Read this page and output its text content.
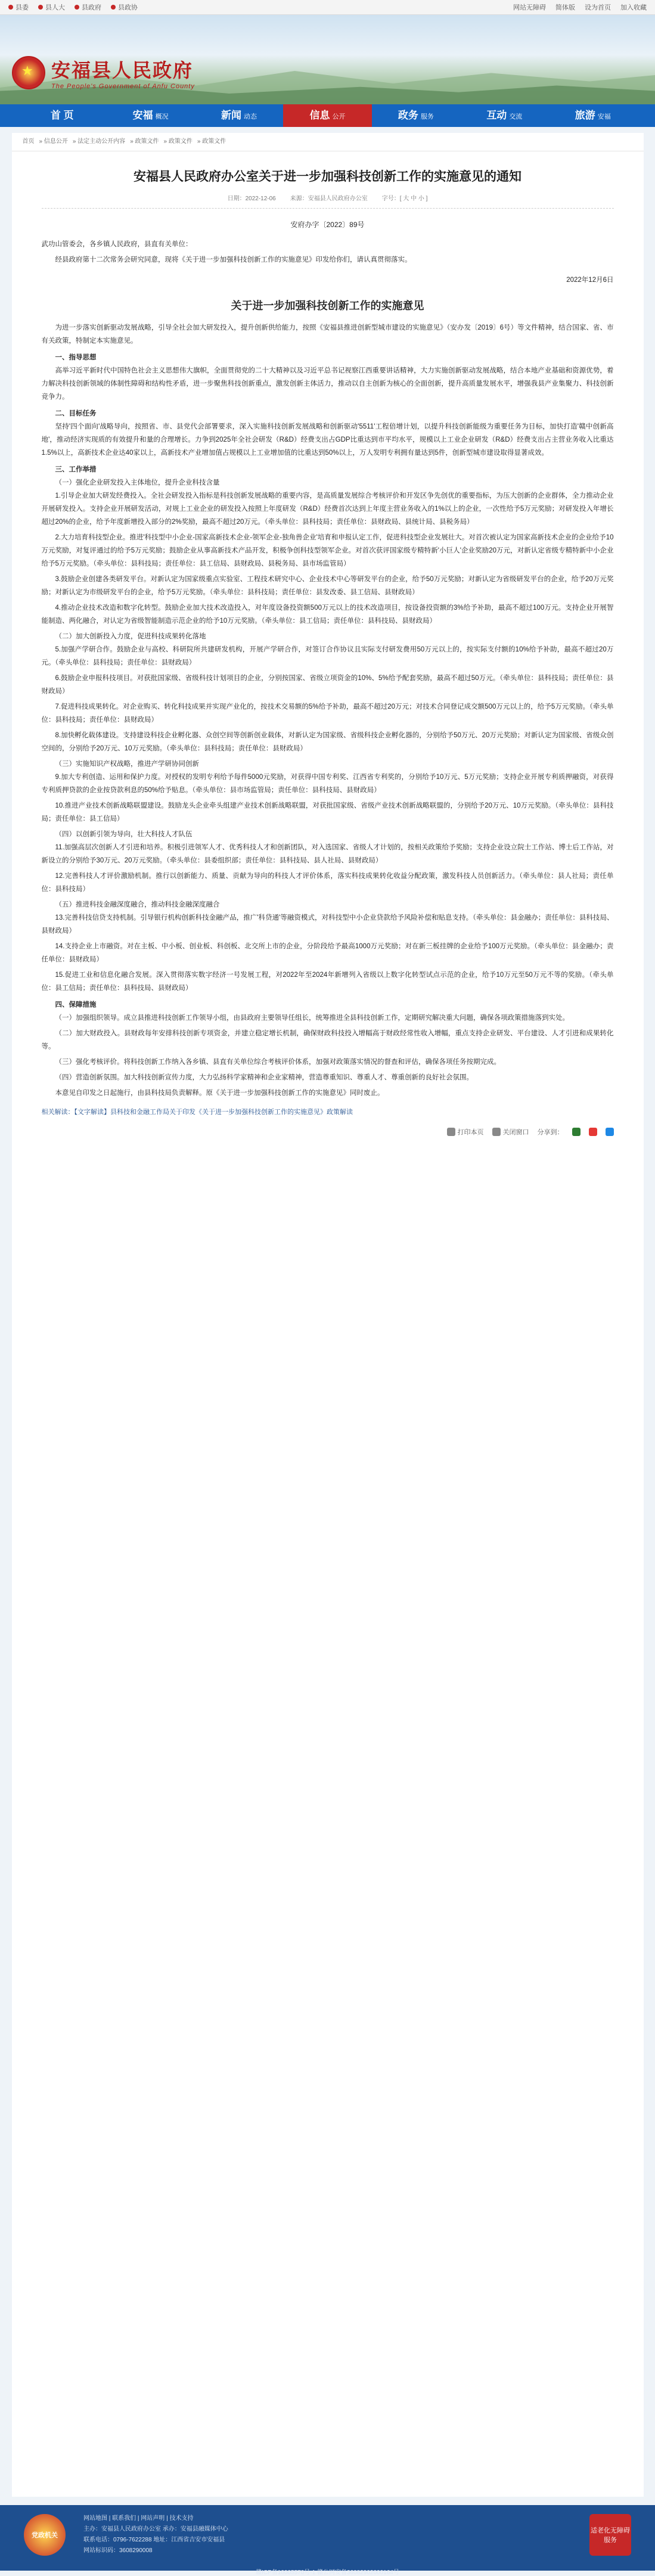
县委	县人大	县政府	县政协	网站无障碍 简体版 设为首页 加入收藏
★
安福县人民政府
The People's Government of Anfu County
首 页	安福 概况	新闻 动态	信息 公开	政务 服务	互动 交流	旅游 安福
首页 » 信息公开 » 法定主动公开内容 » 政策文件 » 政策文件 » 政策文件
安福县人民政府办公室关于进一步加强科技创新工作的实施意见的通知
日期：2022-12-06 来源：安福县人民政府办公室 字号：[ 大 中 小 ]
安府办字〔2022〕89号

武功山管委会，各乡镇人民政府，县直有关单位：

经县政府第十二次常务会研究同意，现将《关于进一步加强科技创新工作的实施意见》印发给你们，请认真贯彻落实。

2022年12月6日
关于进一步加强科技创新工作的实施意见

为进一步落实创新驱动发展战略，引导全社会加大研发投入，提升创新供给能力，按照《安福县推进创新型城市建设的实施意见》（安办发〔2019〕6号）等文件精神，结合国家、省、市有关政策，特制定本实施意见。

一、指导思想

高举习近平新时代中国特色社会主义思想伟大旗帜，全面贯彻党的二十大精神以及习近平总书记视察江西重要讲话精神，大力实施创新驱动发展战略，结合本地产业基础和资源优势，着力解决科技创新领域的体制性障碍和结构性矛盾，进一步聚焦科技创新重点，激发创新主体活力，推动以自主创新为核心的全面创新，提升高质量发展水平，增强我县产业集聚力、科技创新竞争力。

二、目标任务

坚持'四个面向'战略导向，按照省、市、县党代会部署要求，深入实施科技创新发展战略和创新驱动'5511'工程倍增计划，以提升科技创新能级为重要任务为目标，加快打造'赣中创新高地'，推动经济实现质的有效提升和量的合理增长。力争到2025年全社会研发（R&D）经费支出占GDP比重达到市平均水平，规模以上工业企业研发（R&D）经费支出占主营业务收入比重达1.5%以上，高新技术企业达40家以上，高新技术产业增加值占规模以上工业增加值的比重达到50%以上，万人发明专利拥有量达到5件，创新型城市建设取得显著成效。

三、工作举措
（一）强化企业研发投入主体地位，提升企业科技含量

1.引导企业加大研发经费投入。全社会研发投入指标是科技创新发展战略的重要内容，是高质量发展综合考核评价和开发区争先创优的重要指标，为压大创新的企业群体，全力推动企业开展研发投入。支持企业开展研发活动，对规上工业企业的研发投入按照上年度研发（R&D）经费首次达到上年度主营业务收入的1%以上的企业，一次性给予5万元奖励；对研发投入年增长超过20%的企业，给予年度新增投入部分的2%奖励，最高不超过20万元。（牵头单位：县科技局；责任单位：县财政局、县统计局、县税务局）

2.大力培育科技型企业。推进'科技型中小企业-国家高新技术企业-领军企业-独角兽企业'培育和申报认定工作，促进科技型企业发展壮大。对首次被认定为国家高新技术企业的企业给予10万元奖励，对复评通过的给予5万元奖励；鼓励企业从事高新技术产品开发，积极争创科技型领军企业。对首次获评国家级专精特新'小巨人'企业奖励20万元，对新认定省级专精特新中小企业给予5万元奖励。（牵头单位：县科技局；责任单位：县工信局、县财政局、县税务局、县市场监管局）

3.鼓励企业创建各类研发平台。对新认定为国家级重点实验室、工程技术研究中心、企业技术中心等研发平台的企业，给予50万元奖励；对新认定为省级研发平台的企业，给予20万元奖励；对新认定为市级研发平台的企业，给予5万元奖励。（牵头单位：县科技局；责任单位：县发改委、县工信局、县财政局）

4.推动企业技术改造和数字化转型。鼓励企业加大技术改造投入，对年度设备投资额500万元以上的技术改造项目，按设备投资额的3%给予补助，最高不超过100万元。支持企业开展智能制造、两化融合，对认定为省级智能制造示范企业的给予10万元奖励。（牵头单位：县工信局；责任单位：县科技局、县财政局）

（二）加大创新投入力度，促进科技成果转化落地

5.加强产学研合作。鼓励企业与高校、科研院所共建研发机构，开展产学研合作，对签订合作协议且实际支付研发费用50万元以上的，按实际支付额的10%给予补助，最高不超过20万元。（牵头单位：县科技局；责任单位：县财政局）

6.鼓励企业申报科技项目。对获批国家级、省级科技计划项目的企业，分别按国家、省级立项资金的10%、5%给予配套奖励，最高不超过50万元。（牵头单位：县科技局；责任单位：县财政局）

7.促进科技成果转化。对企业购买、转化科技成果并实现产业化的，按技术交易额的5%给予补助，最高不超过20万元；对技术合同登记成交额500万元以上的，给予5万元奖励。（牵头单位：县科技局；责任单位：县财政局）

8.加快孵化载体建设。支持建设科技企业孵化器、众创空间等创新创业载体，对新认定为国家级、省级科技企业孵化器的，分别给予50万元、20万元奖励；对新认定为国家级、省级众创空间的，分别给予20万元、10万元奖励。（牵头单位：县科技局；责任单位：县财政局）

（三）实施知识产权战略，推进产学研协同创新

9.加大专利创造、运用和保护力度。对授权的发明专利给予每件5000元奖励，对获得中国专利奖、江西省专利奖的，分别给予10万元、5万元奖励；支持企业开展专利质押融资，对获得专利质押贷款的企业按贷款利息的50%给予贴息。（牵头单位：县市场监管局；责任单位：县科技局、县财政局）

10.推进产业技术创新战略联盟建设。鼓励龙头企业牵头组建产业技术创新战略联盟，对获批国家级、省级产业技术创新战略联盟的，分别给予20万元、10万元奖励。（牵头单位：县科技局；责任单位：县工信局）

（四）以创新引领为导向，壮大科技人才队伍

11.加强高层次创新人才引进和培养。积极引进领军人才、优秀科技人才和创新团队，对入选国家、省级人才计划的，按相关政策给予奖励；支持企业设立院士工作站、博士后工作站，对新设立的分别给予30万元、20万元奖励。（牵头单位：县委组织部；责任单位：县科技局、县人社局、县财政局）

12.完善科技人才评价激励机制。推行以创新能力、质量、贡献为导向的科技人才评价体系，落实科技成果转化收益分配政策，激发科技人员创新活力。（牵头单位：县人社局；责任单位：县科技局）

（五）推进科技金融深度融合，推动科技金融深度融合

13.完善科技信贷支持机制。引导银行机构创新科技金融产品，推广'科贷通'等融资模式，对科技型中小企业贷款给予风险补偿和贴息支持。（牵头单位：县金融办；责任单位：县科技局、县财政局）

14.支持企业上市融资。对在主板、中小板、创业板、科创板、北交所上市的企业，分阶段给予最高1000万元奖励；对在新三板挂牌的企业给予100万元奖励。（牵头单位：县金融办；责任单位：县财政局）

15.促进工业和信息化融合发展。深入贯彻落实数字经济一号发展工程，对2022年至2024年新增列入省级以上数字化转型试点示范的企业，给予10万元至50万元不等的奖励。（牵头单位：县工信局；责任单位：县科技局、县财政局）

四、保障措施

（一）加强组织领导。成立县推进科技创新工作领导小组，由县政府主要领导任组长，统筹推进全县科技创新工作，定期研究解决重大问题，确保各项政策措施落到实处。

（二）加大财政投入。县财政每年安排科技创新专项资金，并建立稳定增长机制，确保财政科技投入增幅高于财政经常性收入增幅，重点支持企业研发、平台建设、人才引进和成果转化等。

（三）强化考核评价。将科技创新工作纳入各乡镇、县直有关单位综合考核评价体系，加强对政策落实情况的督查和评估，确保各项任务按期完成。

（四）营造创新氛围。加大科技创新宣传力度，大力弘扬科学家精神和企业家精神，营造尊重知识、尊重人才、尊重创新的良好社会氛围。

本意见自印发之日起施行，由县科技局负责解释。原《关于进一步加强科技创新工作的实施意见》同时废止。

相关解读：【文字解读】县科技和金融工作局关于印发《关于进一步加强科技创新工作的实施意见》政策解读
打印本页	关闭窗口 分享到：
党政机关
网站地图 | 联系我们 | 网站声明 | 技术支持
主办：安福县人民政府办公室 承办：安福县融媒体中心
联系电话：0796-7622288 地址：江西省吉安市安福县
网站标识码：3608290008
适老化无障碍服务
赣ICP备10005570号-1 赣公网安备36082902000164号
